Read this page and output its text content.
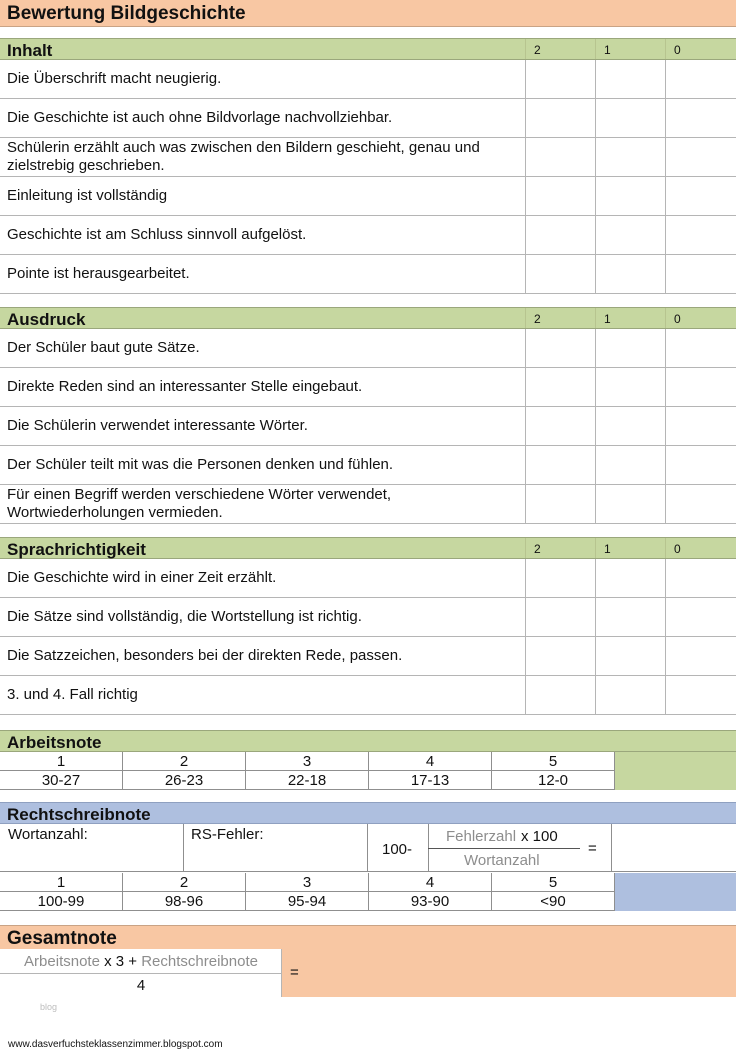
Bewertung Bildgeschichte
Inhalt	2	1	0
Die Überschrift macht neugierig.
Die Geschichte ist auch ohne Bildvorlage nachvollziehbar.
Schülerin erzählt auch was zwischen den Bildern geschieht, genau und zielstrebig geschrieben.
Einleitung ist vollständig
Geschichte ist am Schluss sinnvoll aufgelöst.
Pointe ist herausgearbeitet.
Ausdruck	2	1	0
Der Schüler baut gute Sätze.
Direkte Reden sind an interessanter Stelle eingebaut.
Die Schülerin verwendet interessante Wörter.
Der Schüler teilt mit was die Personen denken und fühlen.
Für einen Begriff werden verschiedene Wörter verwendet, Wortwiederholungen vermieden.
Sprachrichtigkeit	2	1	0
Die Geschichte wird in einer Zeit erzählt.
Die Sätze sind vollständig, die Wortstellung ist richtig.
Die Satzzeichen, besonders bei der direkten Rede, passen.
3. und 4. Fall richtig
Arbeitsnote
1	2	3	4	5
30-27	26-23	22-18	17-13	12-0
Rechtschreibnote
Wortanzahl:	RS-Fehler:
100-
Fehlerzahl x 100
Wortanzahl
=
1	2	3	4	5
100-99	98-96	95-94	93-90	<90
Gesamtnote
Arbeitsnote x 3 + Rechtschreibnote
4
=
blog
www.dasverfuchsteklassenzimmer.blogspot.com
